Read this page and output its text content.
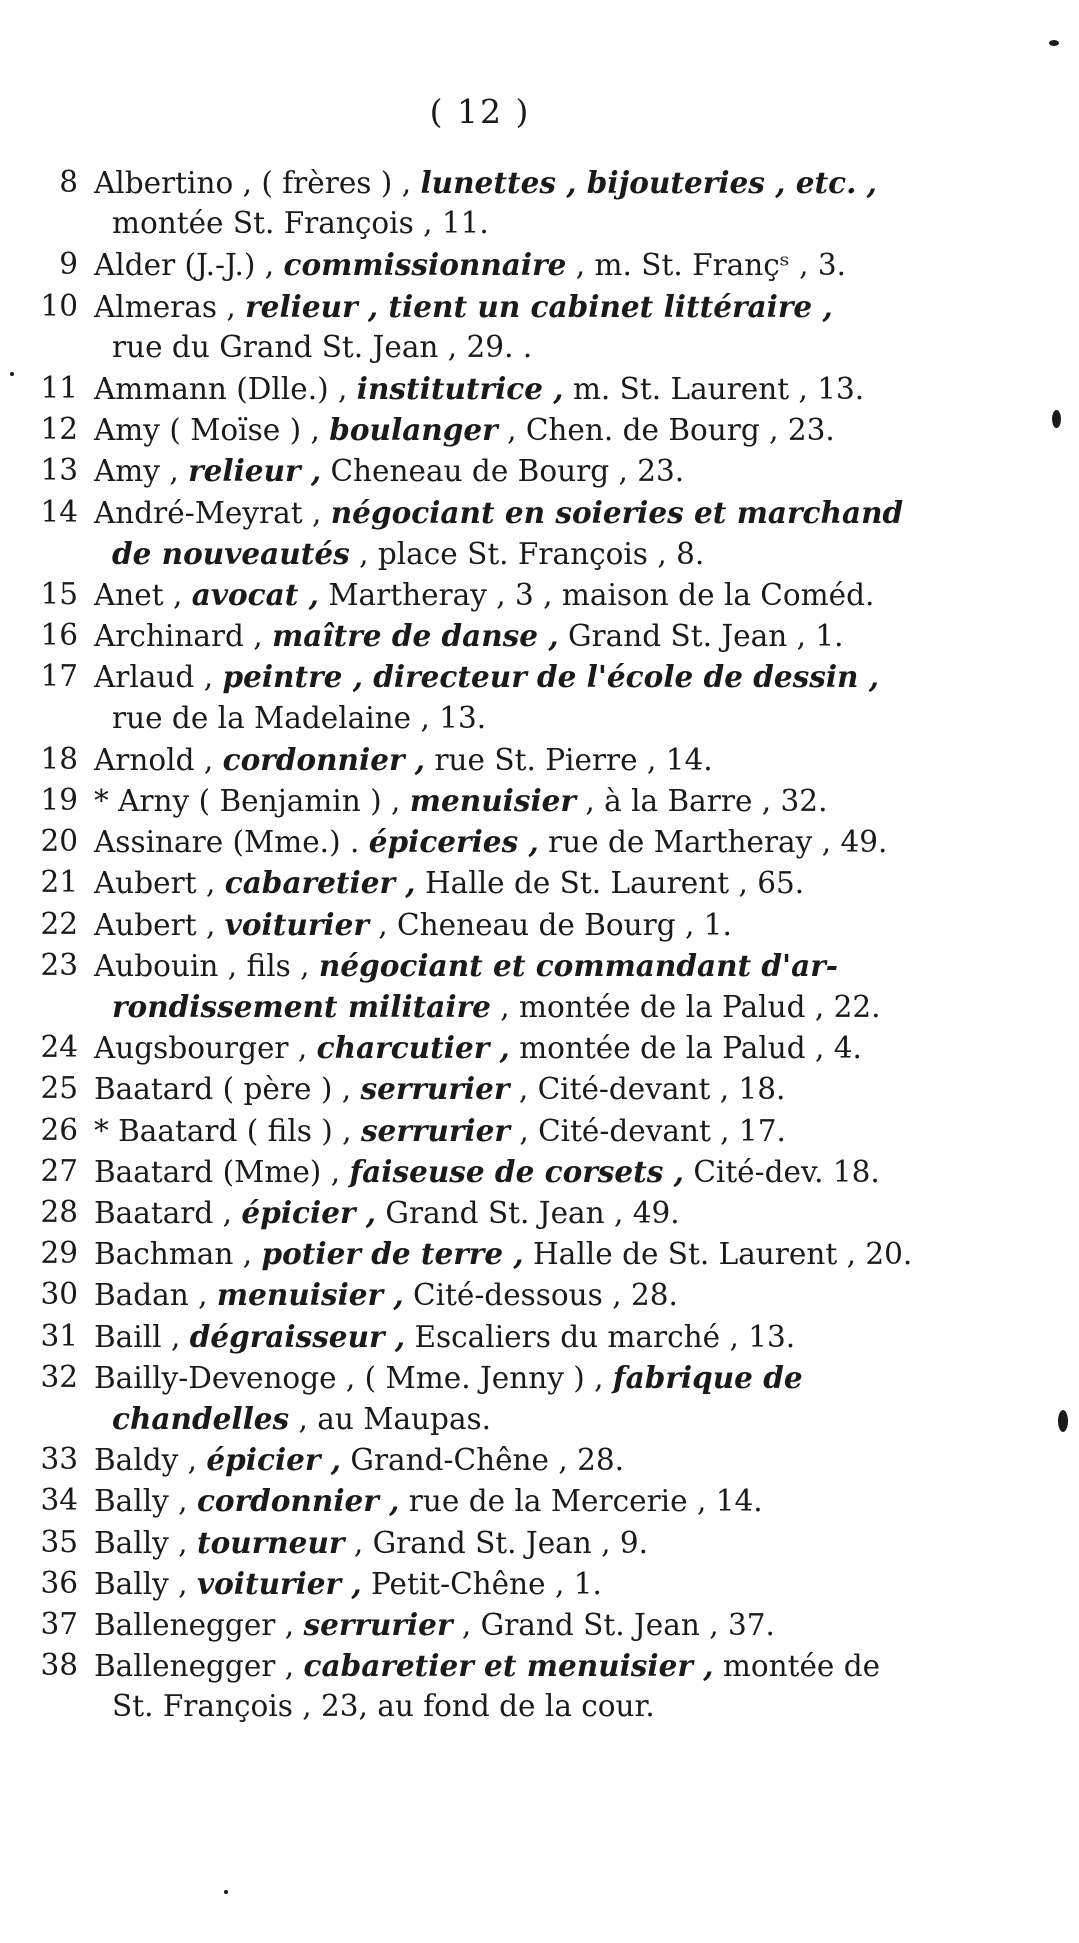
( 12 )
8 Albertino , ( frères ) , lunettes , bijouteries , etc. ,
montée St. François , 11.
9 Alder (J.-J.) , commissionnaire , m. St. Françˢ , 3.
10 Almeras , relieur , tient un cabinet littéraire ,
rue du Grand St. Jean , 29. .
11 Ammann (Dlle.) , institutrice , m. St. Laurent , 13.
12 Amy ( Moïse ) , boulanger , Chen. de Bourg , 23.
13 Amy , relieur , Cheneau de Bourg , 23.
14 André-Meyrat , négociant en soieries et marchand
de nouveautés , place St. François , 8.
15 Anet , avocat , Martheray , 3 , maison de la Coméd.
16 Archinard , maître de danse , Grand St. Jean , 1.
17 Arlaud , peintre , directeur de l'école de dessin ,
rue de la Madelaine , 13.
18 Arnold , cordonnier , rue St. Pierre , 14.
19 * Arny ( Benjamin ) , menuisier , à la Barre , 32.
20 Assinare (Mme.) . épiceries , rue de Martheray , 49.
21 Aubert , cabaretier , Halle de St. Laurent , 65.
22 Aubert , voiturier , Cheneau de Bourg , 1.
23 Aubouin , fils , négociant et commandant d'ar-
rondissement militaire , montée de la Palud , 22.
24 Augsbourger , charcutier , montée de la Palud , 4.
25 Baatard ( père ) , serrurier , Cité-devant , 18.
26 * Baatard ( fils ) , serrurier , Cité-devant , 17.
27 Baatard (Mme) , faiseuse de corsets , Cité-dev. 18.
28 Baatard , épicier , Grand St. Jean , 49.
29 Bachman , potier de terre , Halle de St. Laurent , 20.
30 Badan , menuisier , Cité-dessous , 28.
31 Baill , dégraisseur , Escaliers du marché , 13.
32 Bailly-Devenoge , ( Mme. Jenny ) , fabrique de
chandelles , au Maupas.
33 Baldy , épicier , Grand-Chêne , 28.
34 Bally , cordonnier , rue de la Mercerie , 14.
35 Bally , tourneur , Grand St. Jean , 9.
36 Bally , voiturier , Petit-Chêne , 1.
37 Ballenegger , serrurier , Grand St. Jean , 37.
38 Ballenegger , cabaretier et menuisier , montée de
St. François , 23, au fond de la cour.
